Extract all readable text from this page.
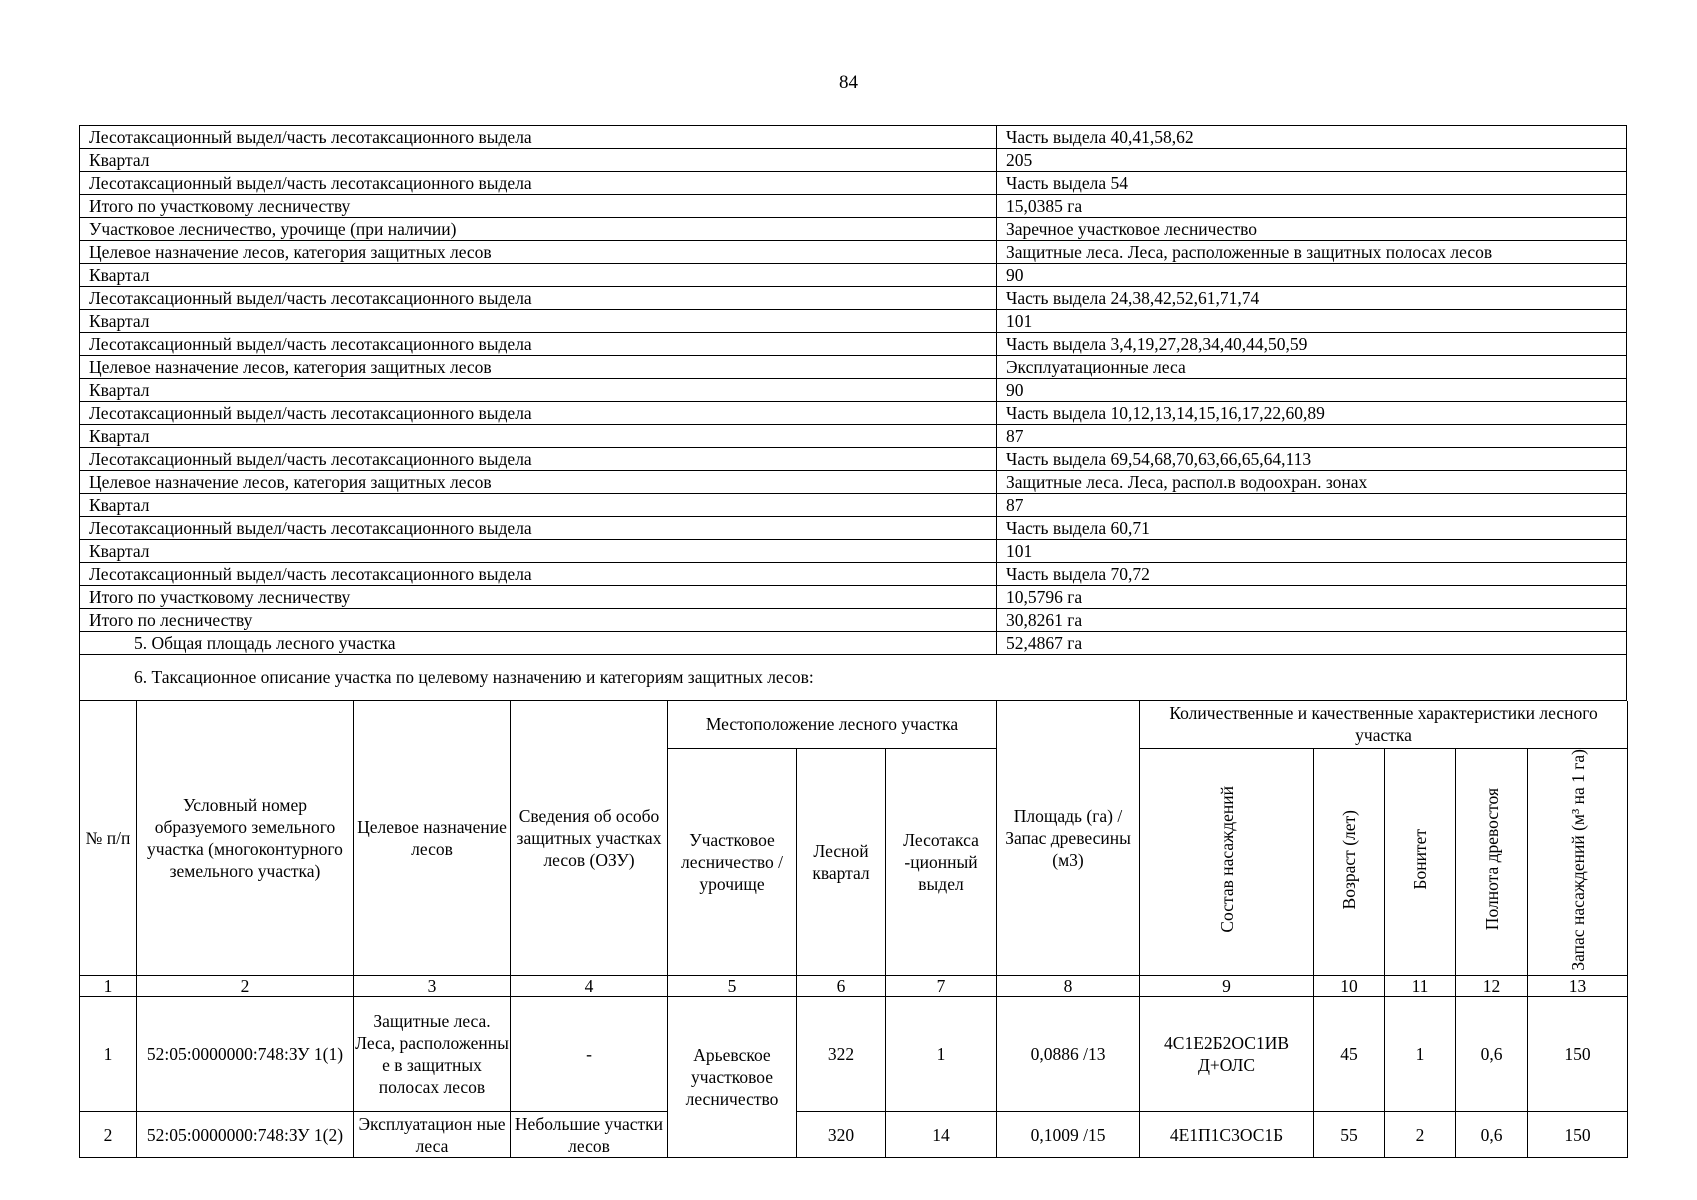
84
Лесотаксационный выдел/часть лесотаксационного выдела	Часть выдела 40,41,58,62
Квартал	205
Лесотаксационный выдел/часть лесотаксационного выдела	Часть выдела 54
Итого по участковому лесничеству	15,0385 га
Участковое лесничество, урочище (при наличии)	Заречное участковое лесничество
Целевое назначение лесов, категория защитных лесов	Защитные леса. Леса, расположенные в защитных полосах лесов
Квартал	90
Лесотаксационный выдел/часть лесотаксационного выдела	Часть выдела 24,38,42,52,61,71,74
Квартал	101
Лесотаксационный выдел/часть лесотаксационного выдела	Часть выдела 3,4,19,27,28,34,40,44,50,59
Целевое назначение лесов, категория защитных лесов	Эксплуатационные леса
Квартал	90
Лесотаксационный выдел/часть лесотаксационного выдела	Часть выдела 10,12,13,14,15,16,17,22,60,89
Квартал	87
Лесотаксационный выдел/часть лесотаксационного выдела	Часть выдела 69,54,68,70,63,66,65,64,113
Целевое назначение лесов, категория защитных лесов	Защитные леса. Леса, распол.в водоохран. зонах
Квартал	87
Лесотаксационный выдел/часть лесотаксационного выдела	Часть выдела 60,71
Квартал	101
Лесотаксационный выдел/часть лесотаксационного выдела	Часть выдела 70,72
Итого по участковому лесничеству	10,5796 га
Итого по лесничеству	30,8261 га
5. Общая площадь лесного участка	52,4867 га
6. Таксационное описание участка по целевому назначению и категориям защитных лесов:
№ п/п	Условный номер образуемого земельного участка (многоконтурного земельного участка)	Целевое назначение лесов	Сведения об особо защитных участках лесов (ОЗУ)	Местоположение лесного участка			Площадь (га) / Запас древесины (м3)	Количественные и качественные характеристики лесного участка				
				Участковое лесничество / урочище	Лесной квартал	Лесотакса -ционный выдел		Состав насаждений	Возраст (лет)	Бонитет	Полнота древостоя	Запас насаждений (м³ на 1 га)
1	2	3	4	5	6	7	8	9	10	11	12	13
1	52:05:0000000:748:ЗУ 1(1)	Защитные леса. Леса, расположенны е в защитных полосах лесов	-	Арьевское участковое лесничество	322	1	0,0886 /13	4С1Е2Б2ОС1ИВ Д+ОЛС	45	1	0,6	150
2	52:05:0000000:748:ЗУ 1(2)	Эксплуатацион ные леса	Небольшие участки лесов		320	14	0,1009 /15	4Е1П1С3ОС1Б	55	2	0,6	150
